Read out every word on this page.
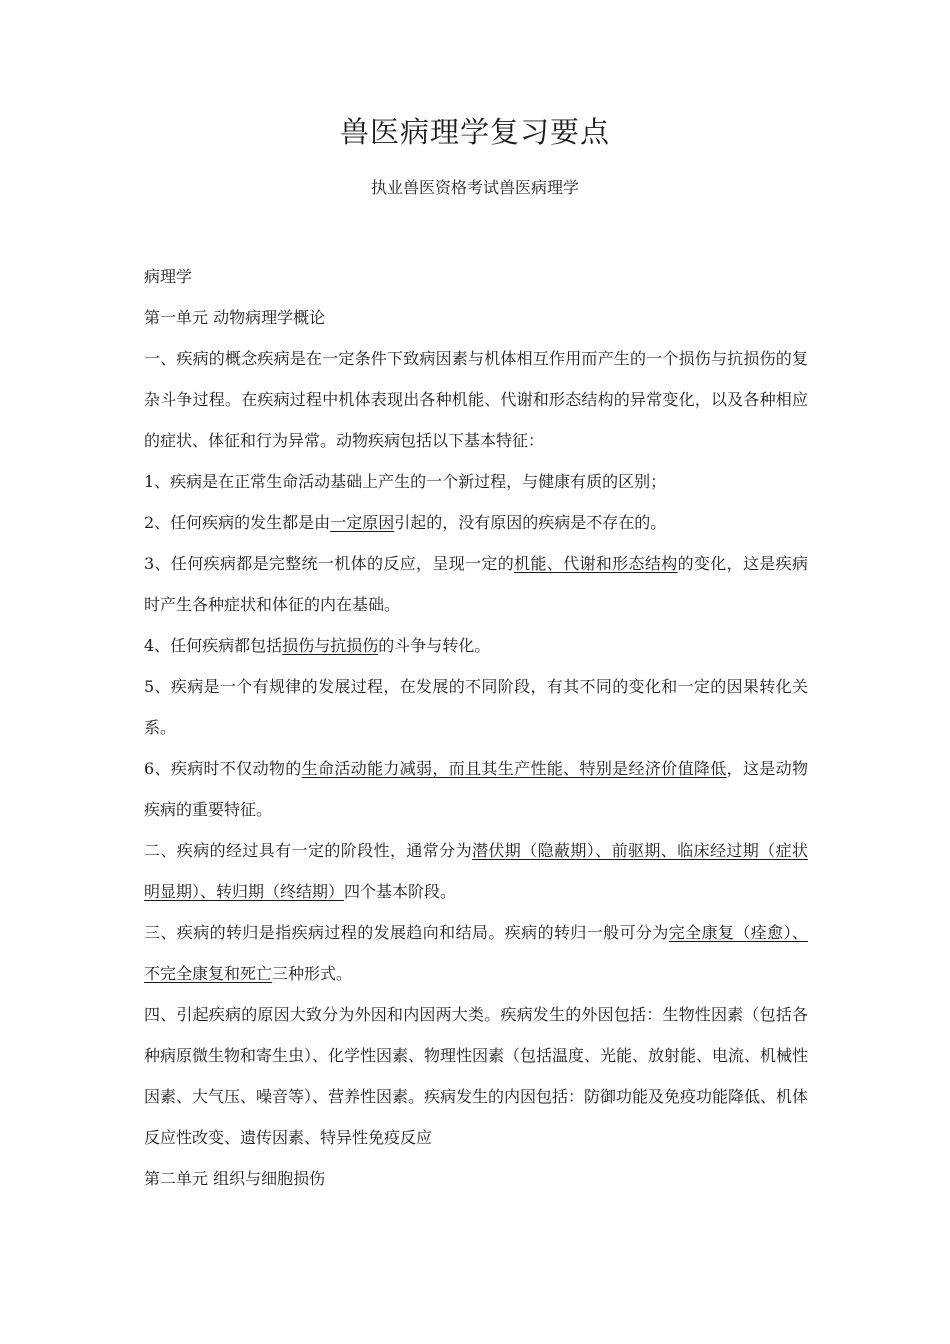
兽医病理学复习要点
执业兽医资格考试兽医病理学

病理学

第一单元 动物病理学概论

一、疾病的概念疾病是在一定条件下致病因素与机体相互作用而产生的一个损伤与抗损伤的复杂斗争过程。在疾病过程中机体表现出各种机能、代谢和形态结构的异常变化，以及各种相应的症状、体征和行为异常。动物疾病包括以下基本特征：

1、疾病是在正常生命活动基础上产生的一个新过程，与健康有质的区别；

2、任何疾病的发生都是由一定原因引起的，没有原因的疾病是不存在的。

3、任何疾病都是完整统一机体的反应，呈现一定的机能、代谢和形态结构的变化，这是疾病时产生各种症状和体征的内在基础。

4、任何疾病都包括损伤与抗损伤的斗争与转化。

5、疾病是一个有规律的发展过程，在发展的不同阶段，有其不同的变化和一定的因果转化关系。

6、疾病时不仅动物的生命活动能力减弱，而且其生产性能、特别是经济价值降低，这是动物疾病的重要特征。

二、疾病的经过具有一定的阶段性，通常分为潜伏期（隐蔽期）、前驱期、临床经过期（症状明显期）、转归期（终结期）四个基本阶段。

三、疾病的转归是指疾病过程的发展趋向和结局。疾病的转归一般可分为完全康复（痊愈）、不完全康复和死亡三种形式。

四、引起疾病的原因大致分为外因和内因两大类。疾病发生的外因包括：生物性因素（包括各种病原微生物和寄生虫）、化学性因素、物理性因素（包括温度、光能、放射能、电流、机械性因素、大气压、噪音等）、营养性因素。疾病发生的内因包括：防御功能及免疫功能降低、机体反应性改变、遗传因素、特异性免疫反应

第二单元 组织与细胞损伤
